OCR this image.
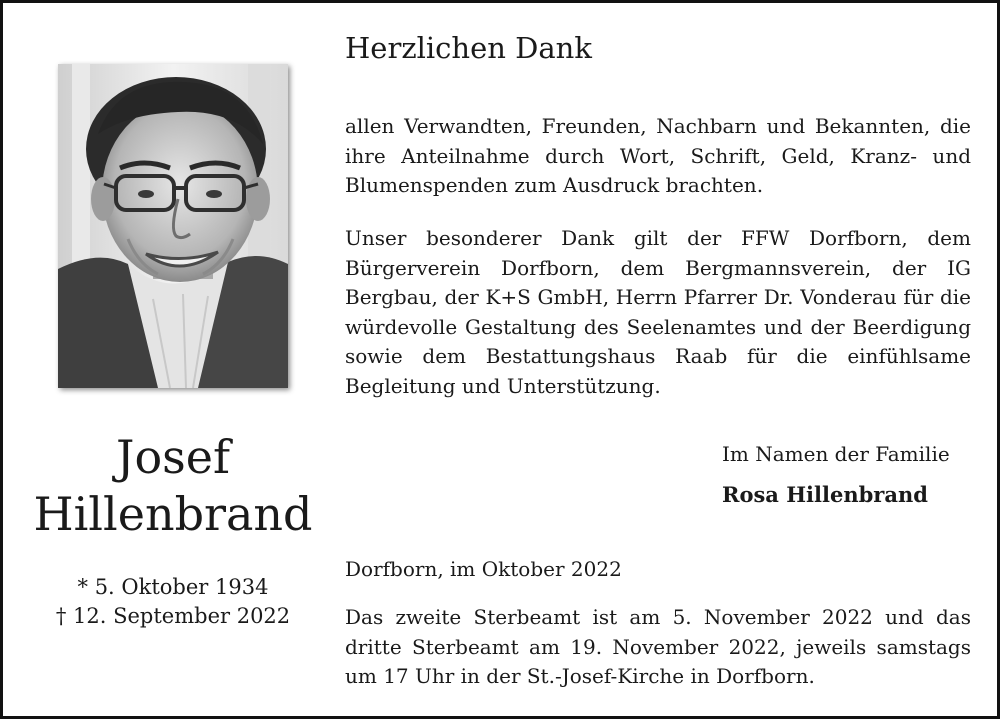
Josef
Hillenbrand
* 5. Oktober 1934
† 12. September 2022
Herzlichen Dank

allen Verwandten, Freunden, Nachbarn und Bekannten, die ihre Anteilnahme durch Wort, Schrift, Geld, Kranz- und Blumenspenden zum Ausdruck brachten.

Unser besonderer Dank gilt der FFW Dorfborn, dem Bürgerverein Dorfborn, dem Bergmannsverein, der IG Bergbau, der K+S GmbH, Herrn Pfarrer Dr. Vonderau für die würdevolle Gestaltung des Seelenamtes und der Beerdigung sowie dem Bestattungshaus Raab für die einfühlsame Begleitung und Unterstützung.

Im Namen der Familie
Rosa Hillenbrand
Dorfborn, im Oktober 2022

Das zweite Sterbeamt ist am 5. November 2022 und das dritte Sterbeamt am 19. November 2022, jeweils samstags um 17 Uhr in der St.-Josef-Kirche in Dorfborn.
